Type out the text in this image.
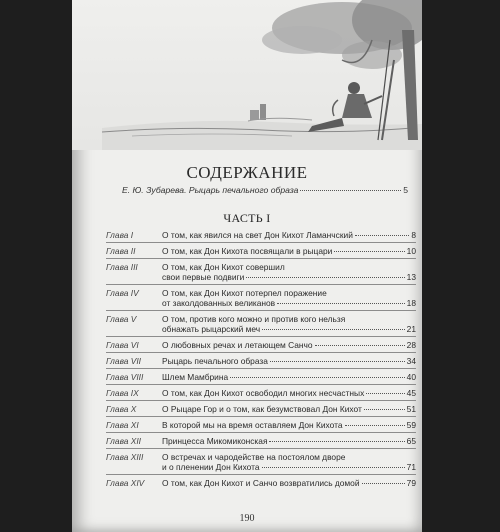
СОДЕРЖАНИЕ
Е. Ю. Зубарева. Рыцарь печального образа	5
ЧАСТЬ I
Глава I	О том, как явился на свет Дон Кихот Ламанчский	8
Глава II	О том, как Дон Кихота посвящали в рыцари	10
Глава III	О том, как Дон Кихот совершил
свои первые подвиги	13
Глава IV	О том, как Дон Кихот потерпел поражение
от заколдованных великанов	18
Глава V	О том, против кого можно и против кого нельзя
обнажать рыцарский меч	21
Глава VI	О любовных речах и летающем Санчо	28
Глава VII	Рыцарь печального образа	34
Глава VIII	Шлем Мамбрина	40
Глава IX	О том, как Дон Кихот освободил многих несчастных	45
Глава X	О Рыцаре Гор и о том, как безумствовал Дон Кихот	51
Глава XI	В которой мы на время оставляем Дон Кихота	59
Глава XII	Принцесса Микомиконская	65
Глава XIII	О встречах и чародействе на постоялом дворе
и о пленении Дон Кихота	71
Глава XIV	О том, как Дон Кихот и Санчо возвратились домой	79
190
